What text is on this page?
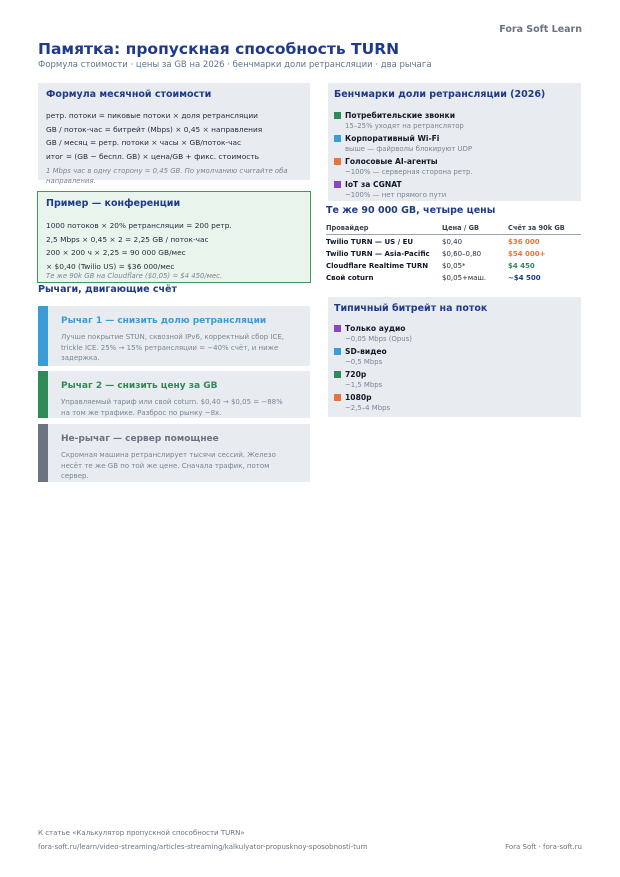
Fora Soft Learn
Памятка: пропускная способность TURN
Формула стоимости · цены за GB на 2026 · бенчмарки доли ретрансляции · два рычага
Формула месячной стоимости
ретр. потоки = пиковые потоки × доля ретрансляции
GB / поток-час = битрейт (Mbps) × 0,45 × направления
GB / месяц = ретр. потоки × часы × GB/поток-час
итог = (GB − беспл. GB) × цена/GB + фикс. стоимость
1 Mbps час в одну сторону = 0,45 GB. По умолчанию считайте оба направления.
Пример — конференции
1000 потоков × 20% ретрансляции = 200 ретр.
2,5 Mbps × 0,45 × 2 = 2,25 GB / поток-час
200 × 200 ч × 2,25 = 90 000 GB/мес
× $0,40 (Twilio US) = $36 000/мес
Те же 90k GB на Cloudflare ($0,05) = $4 450/мес.
Рычаги, двигающие счёт
Рычаг 1 — снизить долю ретрансляции
Лучше покрытие STUN, сквозной IPv6, корректный сбор ICE, trickle ICE. 25% → 15% ретрансляции = −40% счёт, и ниже задержка.
Рычаг 2 — снизить цену за GB
Управляемый тариф или свой coturn. $0,40 → $0,05 = −88% на том же трафике. Разброс по рынку ~8x.
Не-рычаг — сервер помощнее
Скромная машина ретранслирует тысячи сессий. Железо несёт те же GB по той же цене. Сначала трафик, потом сервер.
Бенчмарки доли ретрансляции (2026)
Потребительские звонки
15–25% уходят на ретранслятор
Корпоративный Wi-Fi
выше — файрволы блокируют UDP
Голосовые AI-агенты
~100% — серверная сторона ретр.
IoT за CGNAT
~100% — нет прямого пути
Те же 90 000 GB, четыре цены
Провайдер	Цена / GB	Счёт за 90k GB
Twilio TURN — US / EU	$0,40	$36 000
Twilio TURN — Asia-Pacific $0,60–0,80	$54 000+
Cloudflare Realtime TURN $0,05*	$4 450
Свой coturn	$0,05+маш.	~$4 500
Типичный битрейт на поток
Только аудио
~0,05 Mbps (Opus)
SD-видео
~0,5 Mbps
720p
~1,5 Mbps
1080p
~2,5–4 Mbps
К статье «Калькулятор пропускной способности TURN»
fora-soft.ru/learn/video-streaming/articles-streaming/kalkulyator-propusknoy-sposobnosti-turn	Fora Soft · fora-soft.ru
